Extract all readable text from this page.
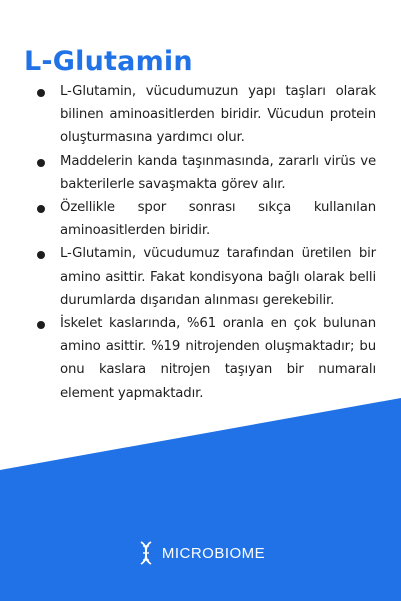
L-Glutamin
L-Glutamin, vücudumuzun yapı taşları olarak bilinen aminoasitlerden biridir. Vücudun protein oluşturmasına yardımcı olur.
Maddelerin kanda taşınmasında, zararlı virüs ve bakterilerle savaşmakta görev alır.
Özellikle spor sonrası sıkça kullanılan aminoasitlerden biridir.
L-Glutamin, vücudumuz tarafından üretilen bir amino asittir. Fakat kondisyona bağlı olarak belli durumlarda dışarıdan alınması gerekebilir.
İskelet kaslarında, %61 oranla en çok bulunan amino asittir. %19 nitrojenden oluşmaktadır; bu onu kaslara nitrojen taşıyan bir numaralı element yapmaktadır.
MICROBIOME
